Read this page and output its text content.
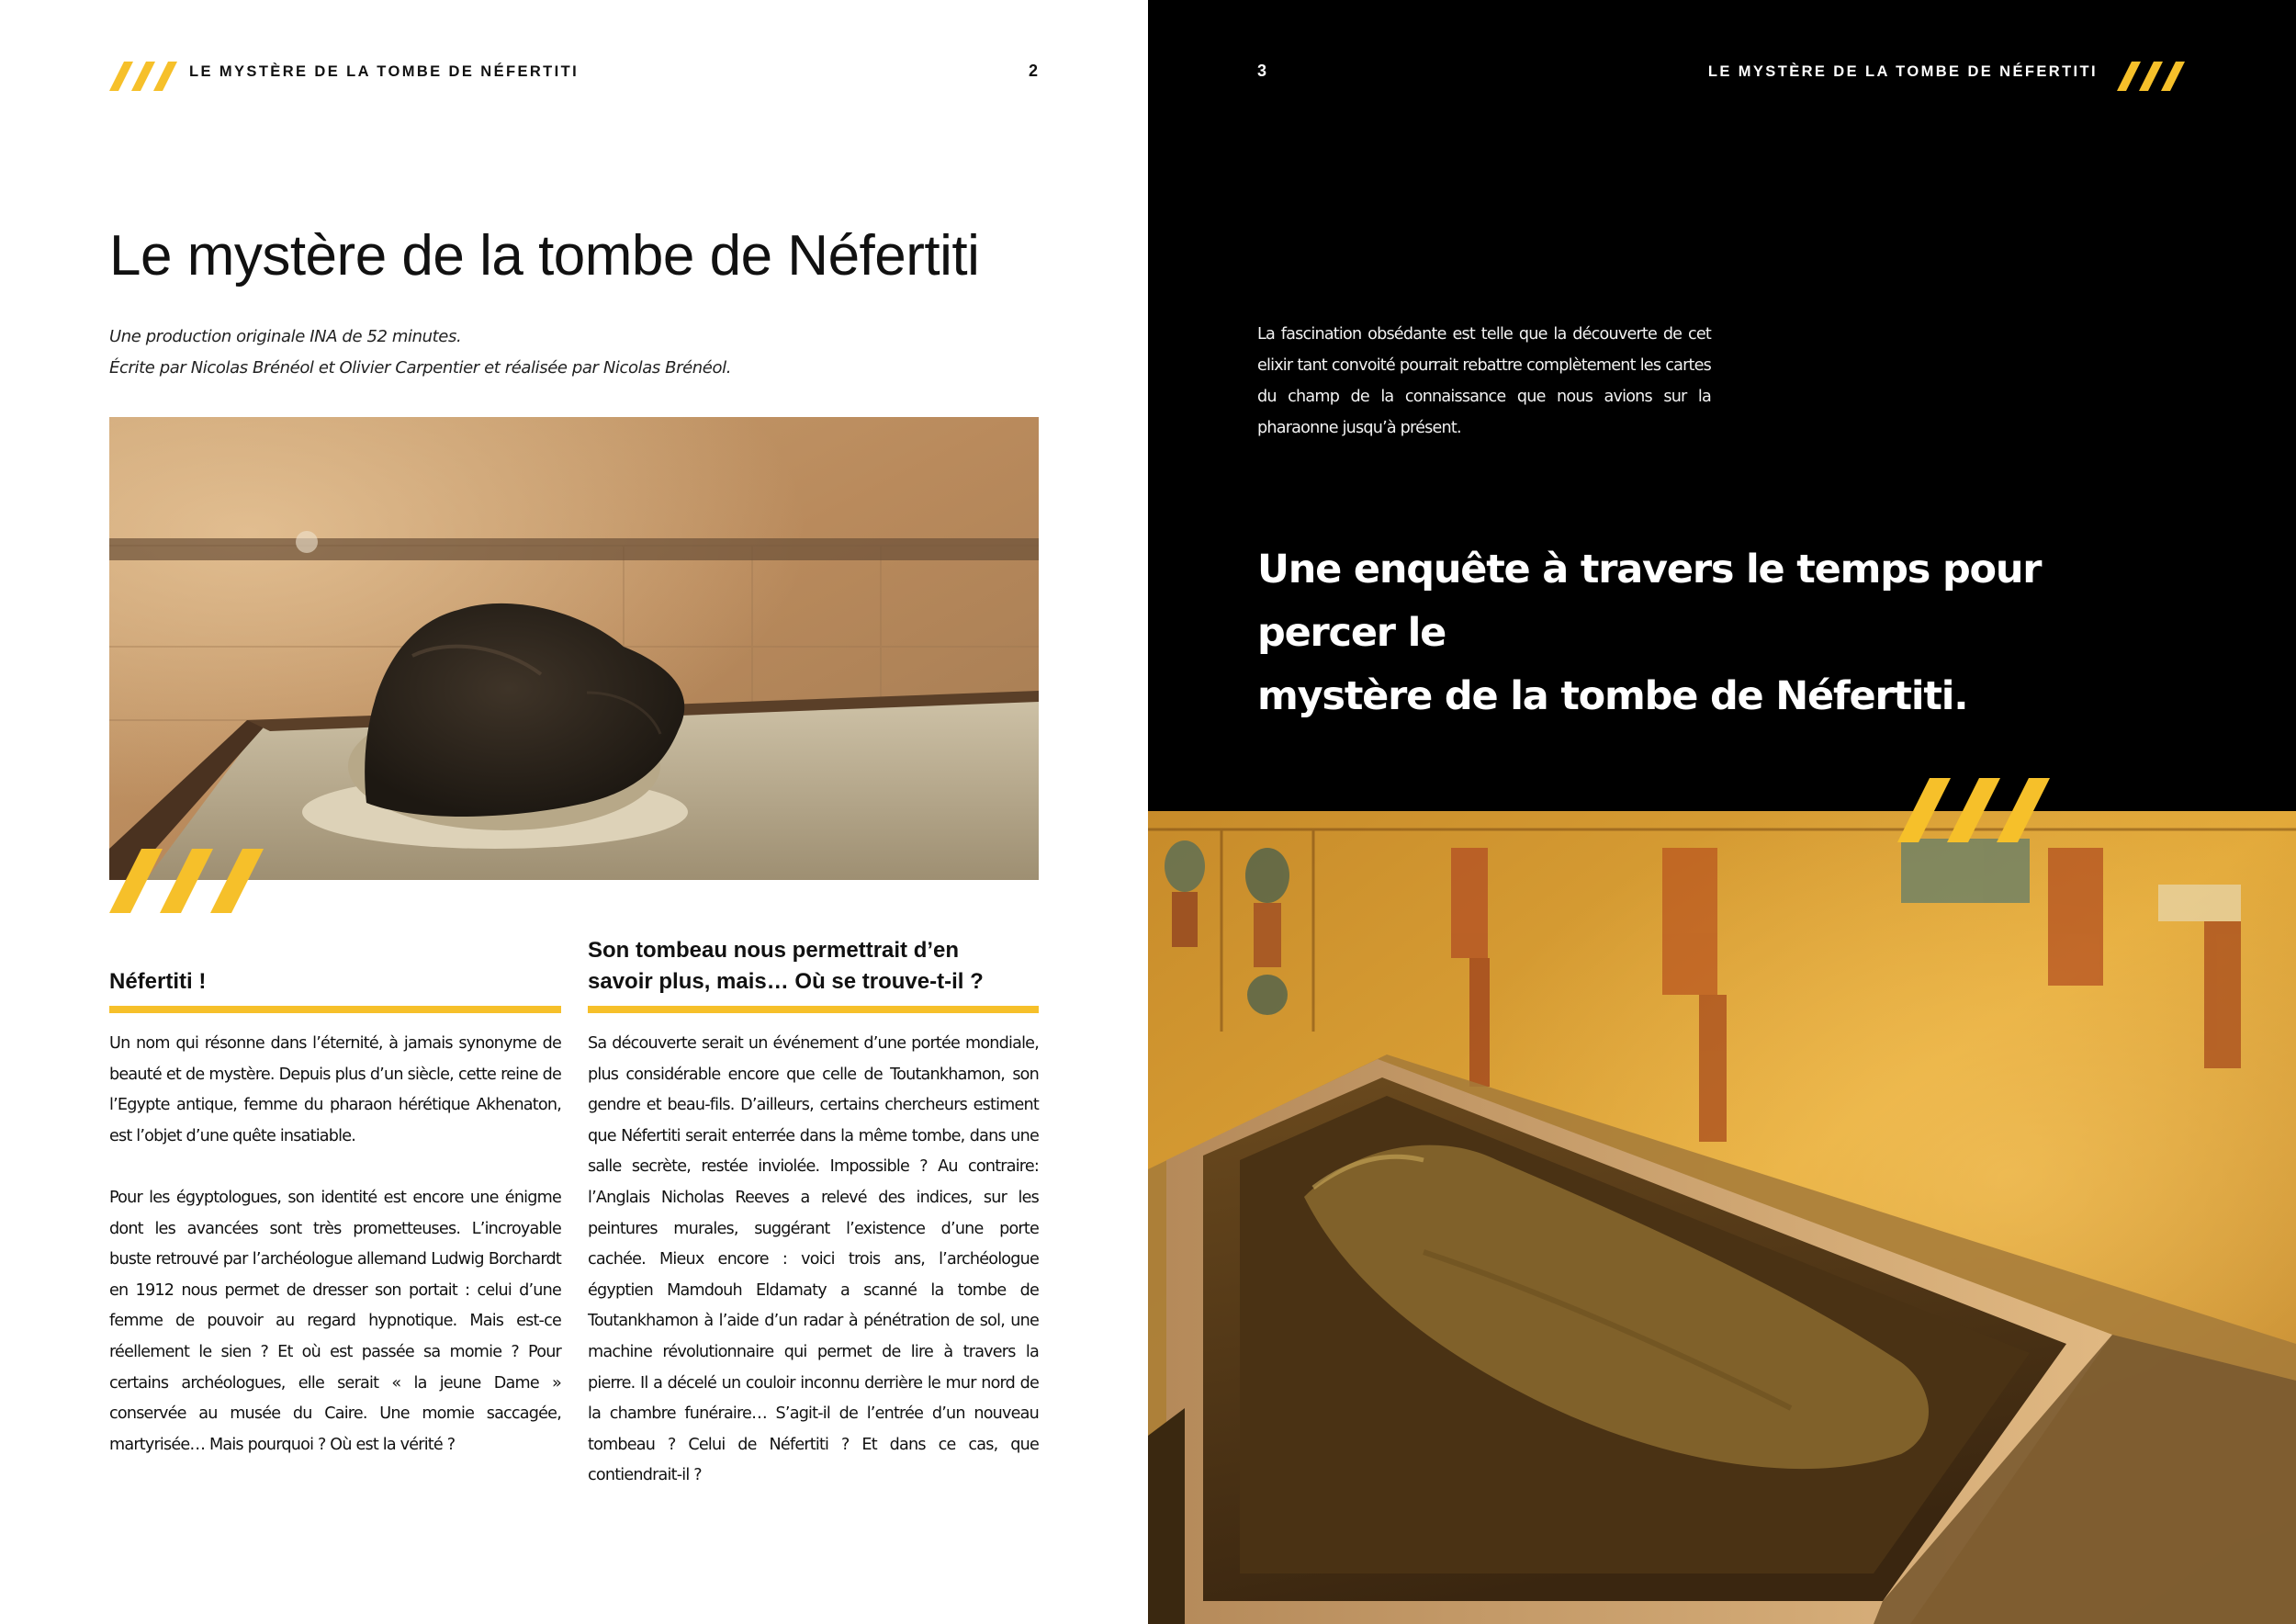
LE MYSTÈRE DE LA TOMBE DE NÉFERTITI	2
Le mystère de la tombe de Néfertiti
Une production originale INA de 52 minutes.
Écrite par Nicolas Brénéol et Olivier Carpentier et réalisée par Nicolas Brénéol.
Néfertiti !

Un nom qui résonne dans l’éternité, à jamais synonyme de beauté et de mystère. Depuis plus d’un siècle, cette reine de l’Egypte antique, femme du pharaon hérétique Akhenaton, est l’objet d’une quête insatiable.

Pour les égyptologues, son identité est encore une énigme dont les avancées sont très prometteuses. L’incroyable buste retrouvé par l’archéologue allemand Ludwig Borchardt en 1912 nous permet de dresser son portait : celui d’une femme de pouvoir au regard hypnotique. Mais est-ce réellement le sien ? Et où est passée sa momie ? Pour certains archéologues, elle serait « la jeune Dame » conservée au musée du Caire. Une momie saccagée, martyrisée… Mais pourquoi ? Où est la vérité ?

Son tombeau nous permettrait d’en
savoir plus, mais… Où se trouve-t-il ?

Sa découverte serait un événement d’une portée mondiale, plus considérable encore que celle de Toutankhamon, son gendre et beau-fils. D’ailleurs, certains chercheurs estiment que Néfertiti serait enterrée dans la même tombe, dans une salle secrète, restée inviolée. Impossible ? Au contraire: l’Anglais Nicholas Reeves a relevé des indices, sur les peintures murales, suggérant l’existence d’une porte cachée. Mieux encore : voici trois ans, l’archéologue égyptien Mamdouh Eldamaty a scanné la tombe de Toutankhamon à l’aide d’un radar à pénétration de sol, une machine révolutionnaire qui permet de lire à travers la pierre. Il a décelé un couloir inconnu derrière le mur nord de la chambre funéraire… S’agit-il de l’entrée d’un nouveau tombeau ? Celui de Néfertiti ? Et dans ce cas, que contiendrait-il ?

3	LE MYSTÈRE DE LA TOMBE DE NÉFERTITI
La fascination obsédante est telle que la découverte de cet elixir tant convoité pourrait rebattre complètement les cartes du champ de la connaissance que nous avions sur la pharaonne jusqu’à présent.
Une enquête à travers le temps pour percer le
mystère de la tombe de Néfertiti.
